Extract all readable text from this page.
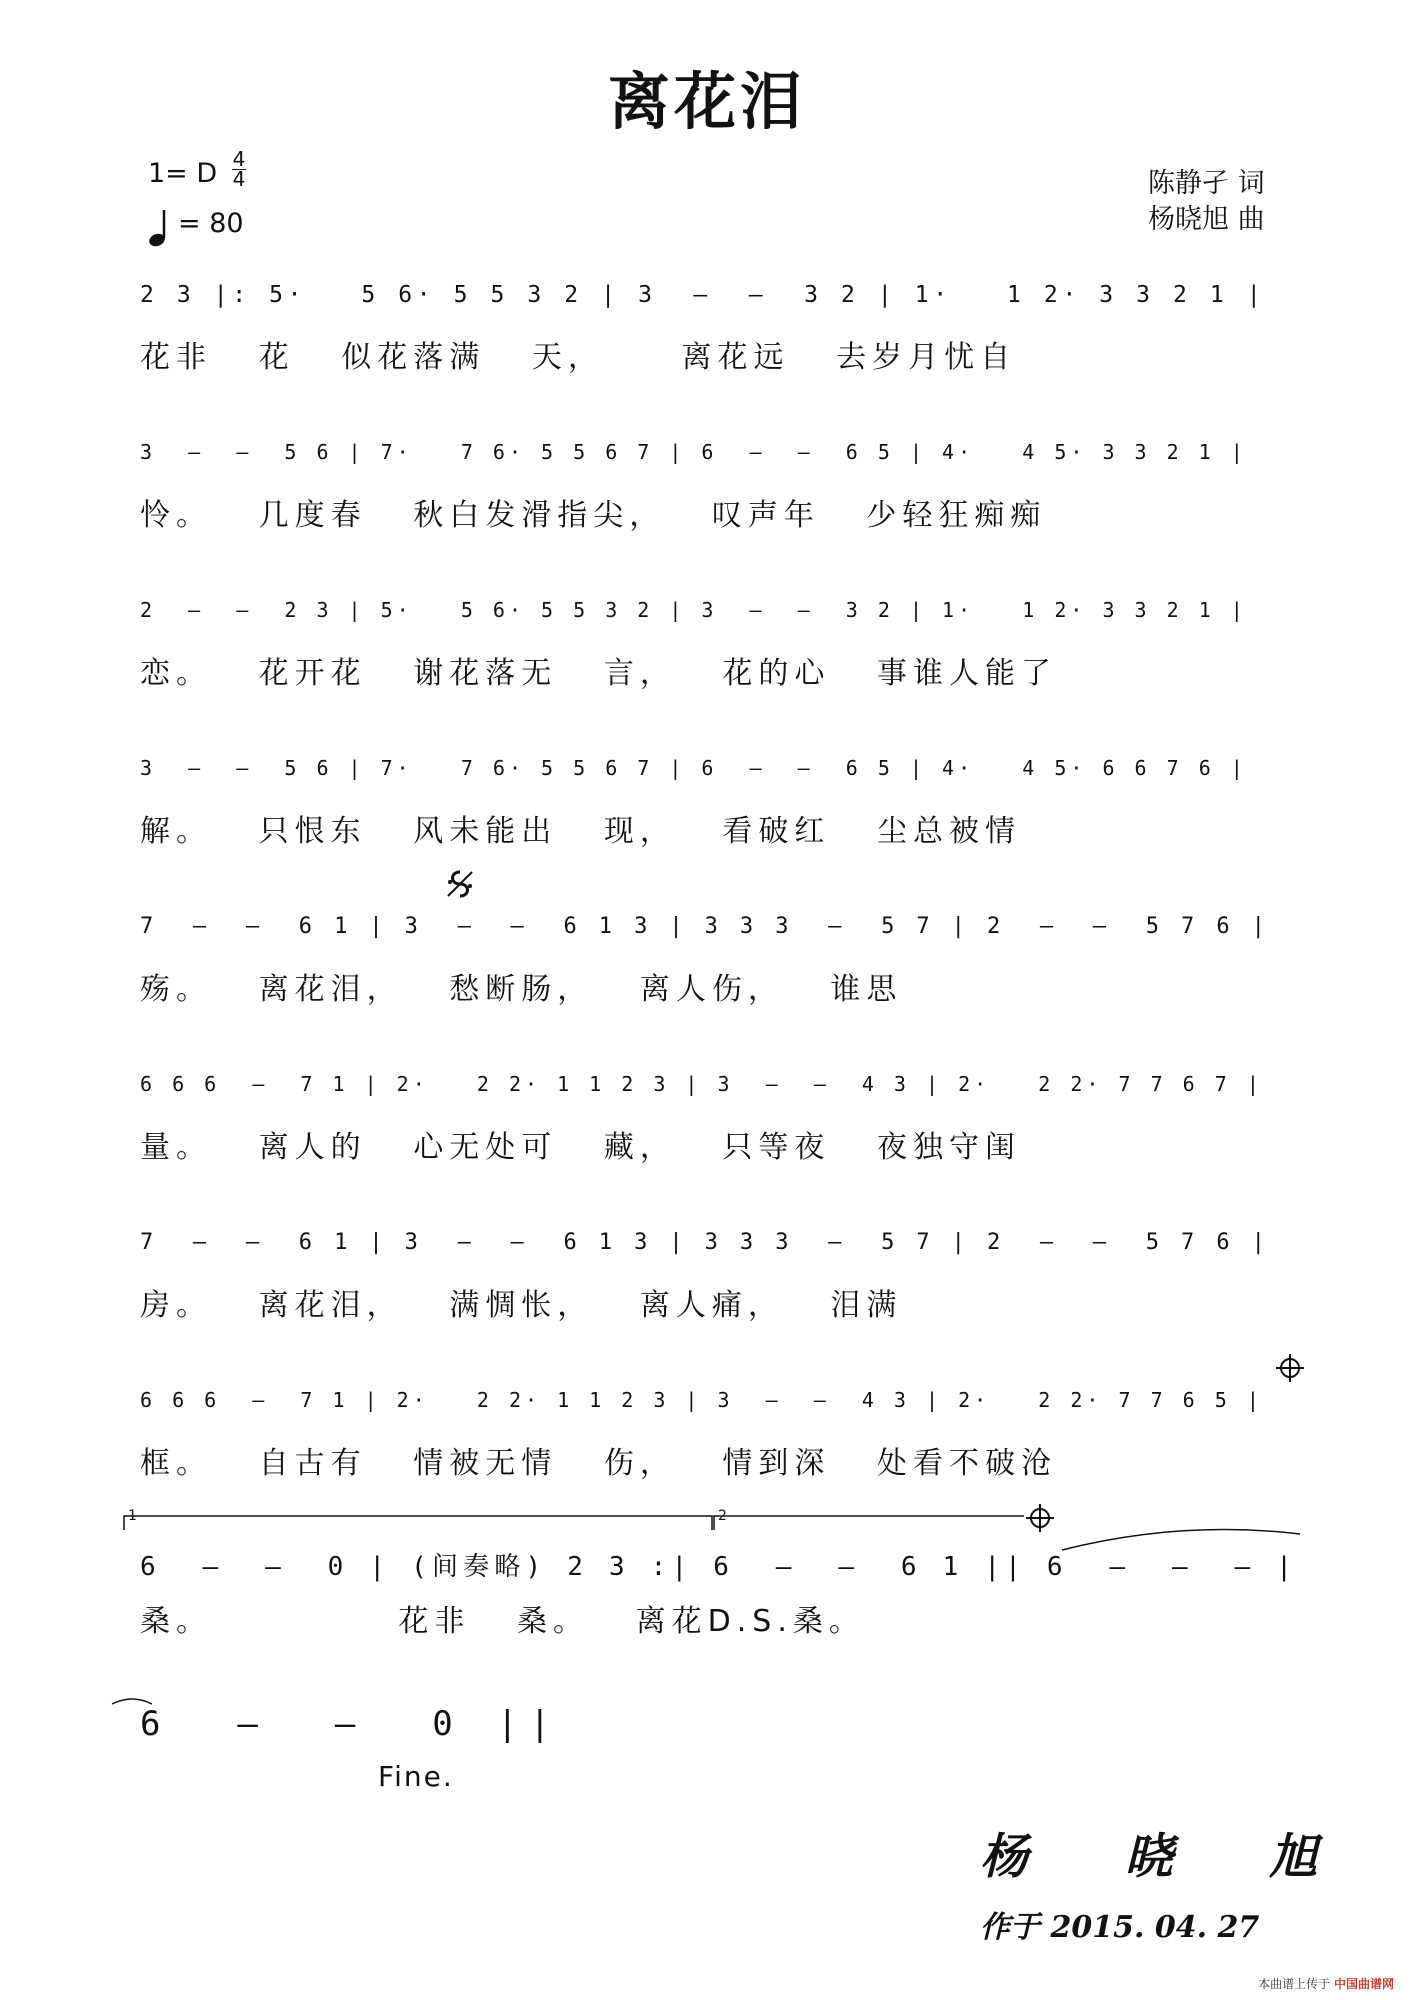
离花泪
1= D 4
4
= 80
陈静孑 词
杨晓旭 曲
2 3 |: 5·   5 6· 5 5 3 2 | 3  —  —  3 2 | 1·   1 2· 3 3 2 1 |
花非   花   似花落满   天，     离花远   去岁月忧自
3  —  —  5 6 | 7·   7 6· 5 5 6 7 | 6  —  —  6 5 | 4·   4 5· 3 3 2 1 |
怜。   几度春   秋白发滑指尖，   叹声年   少轻狂痴痴
2  —  —  2 3 | 5·   5 6· 5 5 3 2 | 3  —  —  3 2 | 1·   1 2· 3 3 2 1 |
恋。   花开花   谢花落无   言，   花的心   事谁人能了
3  —  —  5 6 | 7·   7 6· 5 5 6 7 | 6  —  —  6 5 | 4·   4 5· 6 6 7 6 |
解。   只恨东   风未能出   现，   看破红   尘总被情
7  —  —  6 1 | 3  —  —  6 1 3 | 3 3 3  —  5 7 | 2  —  —  5 7 6 |
殇。   离花泪，   愁断肠，   离人伤，   谁思
6 6 6  —  7 1 | 2·   2 2· 1 1 2 3 | 3  —  —  4 3 | 2·   2 2· 7 7 6 7 |
量。   离人的   心无处可   藏，   只等夜   夜独守闺
7  —  —  6 1 | 3  —  —  6 1 3 | 3 3 3  —  5 7 | 2  —  —  5 7 6 |
房。   离花泪，   满惆怅，   离人痛，   泪满
6 6 6  —  7 1 | 2·   2 2· 1 1 2 3 | 3  —  —  4 3 | 2·   2 2· 7 7 6 5 |
框。   自古有   情被无情   伤，   情到深   处看不破沧
6  —  —  0 | (间奏略) 2 3 :| 6  —  —  6 1 || 6  —  —  — |
桑。            花非   桑。   离花D.S.桑。
6  —  —  0 ||
1	2
Fine.
杨 晓 旭
作于 2015. 04. 27
本曲谱上传于 中国曲谱网
